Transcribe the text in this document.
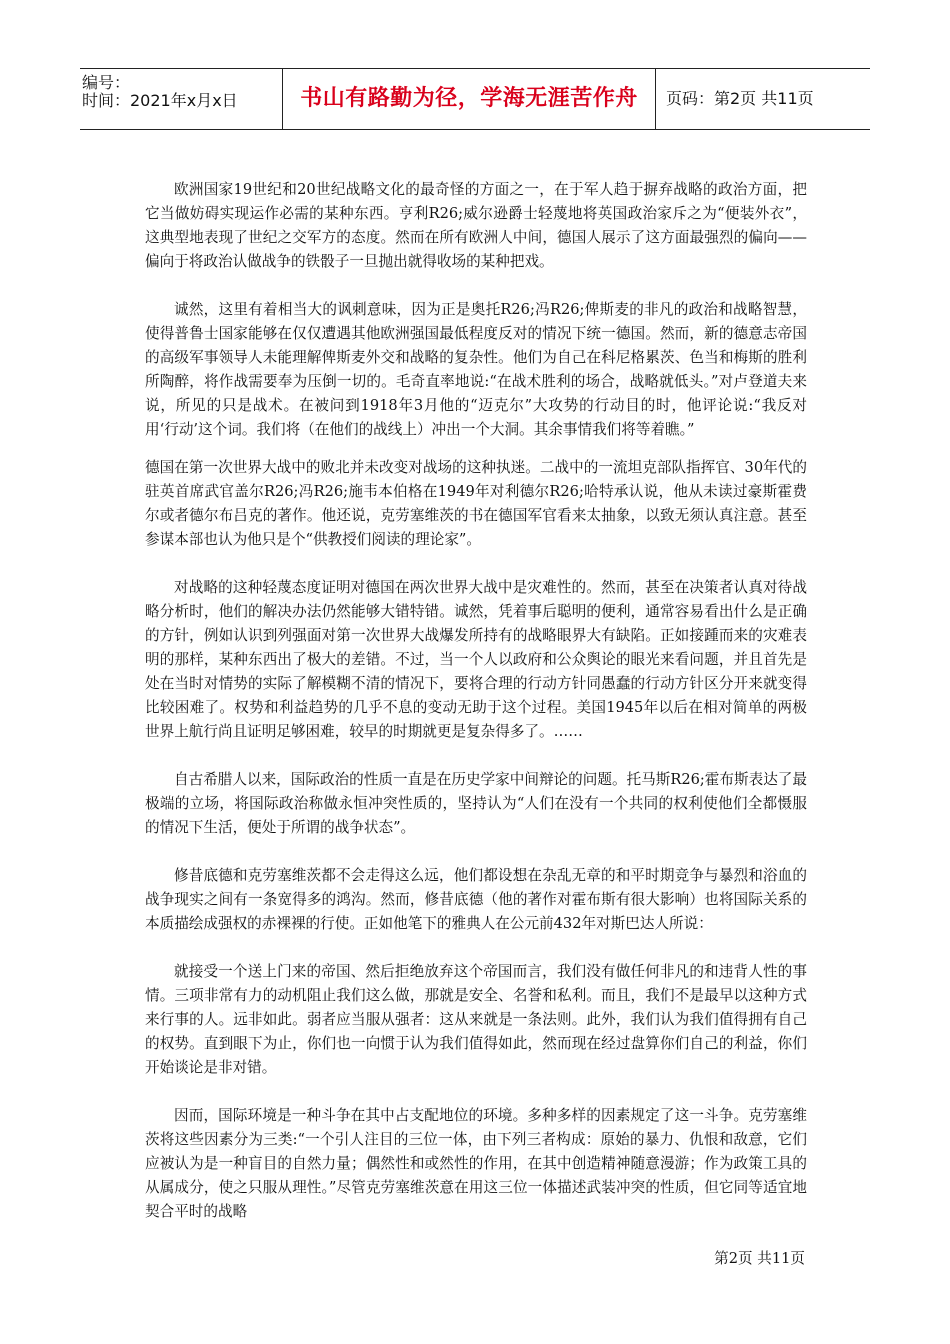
编号：
时间：2021年x月x日	书山有路勤为径，学海无涯苦作舟	页码：第2页 共11页

欧洲国家19世纪和20世纪战略文化的最奇怪的方面之一，在于军人趋于摒弃战略的政治方面，把它当做妨碍实现运作必需的某种东西。亨利R26;威尔逊爵士轻蔑地将英国政治家斥之为“便装外衣”，这典型地表现了世纪之交军方的态度。然而在所有欧洲人中间，德国人展示了这方面最强烈的偏向——偏向于将政治认做战争的铁骰子一旦抛出就得收场的某种把戏。

诚然，这里有着相当大的讽刺意味，因为正是奥托R26;冯R26;俾斯麦的非凡的政治和战略智慧，使得普鲁士国家能够在仅仅遭遇其他欧洲强国最低程度反对的情况下统一德国。然而，新的德意志帝国的高级军事领导人未能理解俾斯麦外交和战略的复杂性。他们为自己在科尼格累茨、色当和梅斯的胜利所陶醉，将作战需要奉为压倒一切的。毛奇直率地说:“在战术胜利的场合，战略就低头。”对卢登道夫来说，所见的只是战术。在被问到1918年3月他的“迈克尔”大攻势的行动目的时，他评论说:“我反对用‘行动’这个词。我们将（在他们的战线上）冲出一个大洞。其余事情我们将等着瞧。”

德国在第一次世界大战中的败北并未改变对战场的这种执迷。二战中的一流坦克部队指挥官、30年代的驻英首席武官盖尔R26;冯R26;施韦本伯格在1949年对利德尔R26;哈特承认说，他从未读过豪斯霍费尔或者德尔布吕克的著作。他还说，克劳塞维茨的书在德国军官看来太抽象，以致无须认真注意。甚至参谋本部也认为他只是个“供教授们阅读的理论家”。

对战略的这种轻蔑态度证明对德国在两次世界大战中是灾难性的。然而，甚至在决策者认真对待战略分析时，他们的解决办法仍然能够大错特错。诚然，凭着事后聪明的便利，通常容易看出什么是正确的方针，例如认识到列强面对第一次世界大战爆发所持有的战略眼界大有缺陷。正如接踵而来的灾难表明的那样，某种东西出了极大的差错。不过，当一个人以政府和公众舆论的眼光来看问题，并且首先是处在当时对情势的实际了解模糊不清的情况下，要将合理的行动方针同愚蠢的行动方针区分开来就变得比较困难了。权势和利益趋势的几乎不息的变动无助于这个过程。美国1945年以后在相对简单的两极世界上航行尚且证明足够困难，较早的时期就更是复杂得多了。……

自古希腊人以来，国际政治的性质一直是在历史学家中间辩论的问题。托马斯R26;霍布斯表达了最极端的立场，将国际政治称做永恒冲突性质的，坚持认为“人们在没有一个共同的权利使他们全都慑服的情况下生活，便处于所谓的战争状态”。

修昔底德和克劳塞维茨都不会走得这么远，他们都设想在杂乱无章的和平时期竞争与暴烈和浴血的战争现实之间有一条宽得多的鸿沟。然而，修昔底德（他的著作对霍布斯有很大影响）也将国际关系的本质描绘成强权的赤裸裸的行使。正如他笔下的雅典人在公元前432年对斯巴达人所说：

就接受一个送上门来的帝国、然后拒绝放弃这个帝国而言，我们没有做任何非凡的和违背人性的事情。三项非常有力的动机阻止我们这么做，那就是安全、名誉和私利。而且，我们不是最早以这种方式来行事的人。远非如此。弱者应当服从强者：这从来就是一条法则。此外，我们认为我们值得拥有自己的权势。直到眼下为止，你们也一向惯于认为我们值得如此，然而现在经过盘算你们自己的利益，你们开始谈论是非对错。

因而，国际环境是一种斗争在其中占支配地位的环境。多种多样的因素规定了这一斗争。克劳塞维茨将这些因素分为三类:“一个引人注目的三位一体，由下列三者构成：原始的暴力、仇恨和敌意，它们应被认为是一种盲目的自然力量；偶然性和或然性的作用，在其中创造精神随意漫游；作为政策工具的从属成分，使之只服从理性。”尽管克劳塞维茨意在用这三位一体描述武装冲突的性质，但它同等适宜地契合平时的战略

第2页 共11页
